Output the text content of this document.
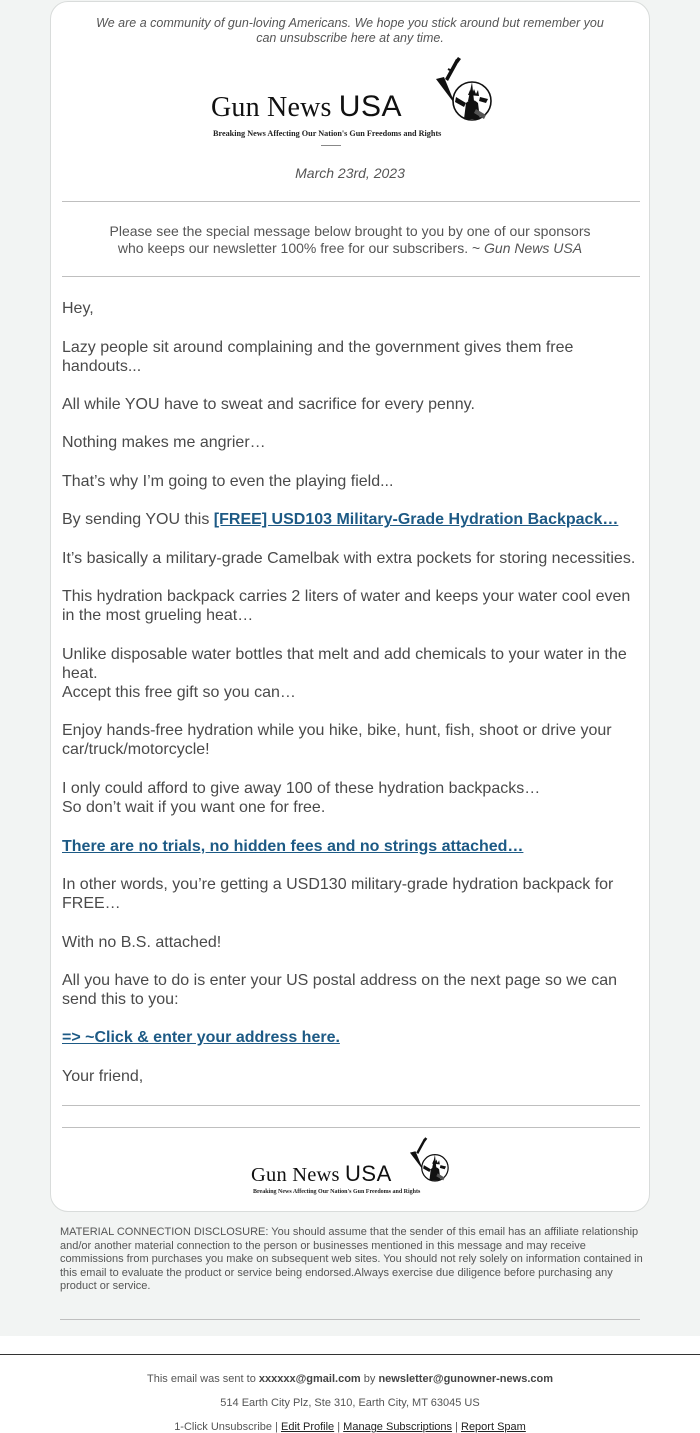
We are a community of gun-loving Americans. We hope you stick around but remember you
can unsubscribe here at any time.
Gun News USA
Breaking News Affecting Our Nation's Gun Freedoms and Rights
March 23rd, 2023
Please see the special message below brought to you by one of our sponsors
who keeps our newsletter 100% free for our subscribers. ~ Gun News USA

Hey,

Lazy people sit around complaining and the government gives them free handouts...

All while YOU have to sweat and sacrifice for every penny.

Nothing makes me angrier…

That’s why I’m going to even the playing field...

By sending YOU this [FREE] USD103 Military-Grade Hydration Backpack…

It’s basically a military-grade Camelbak with extra pockets for storing necessities.

This hydration backpack carries 2 liters of water and keeps your water cool even in the most grueling heat…

Unlike disposable water bottles that melt and add chemicals to your water in the heat.
Accept this free gift so you can…

Enjoy hands-free hydration while you hike, bike, hunt, fish, shoot or drive your car/truck/motorcycle!

I only could afford to give away 100 of these hydration backpacks…
So don’t wait if you want one for free.

There are no trials, no hidden fees and no strings attached…

In other words, you’re getting a USD130 military-grade hydration backpack for FREE…

With no B.S. attached!

All you have to do is enter your US postal address on the next page so we can send this to you:

=> ~Click & enter your address here.

Your friend,

Gun News USA
Breaking News Affecting Our Nation's Gun Freedoms and Rights
MATERIAL CONNECTION DISCLOSURE: You should assume that the sender of this email has an affiliate relationship and/or another material connection to the person or businesses mentioned in this message and may receive commissions from purchases you make on subsequent web sites. You should not rely solely on information contained in this email to evaluate the product or service being endorsed.Always exercise due diligence before purchasing any product or service.
This email was sent to xxxxxx@gmail.com by newsletter@gunowner-news.com
514 Earth City Plz, Ste 310, Earth City, MT 63045 US
1-Click Unsubscribe | Edit Profile | Manage Subscriptions | Report Spam
